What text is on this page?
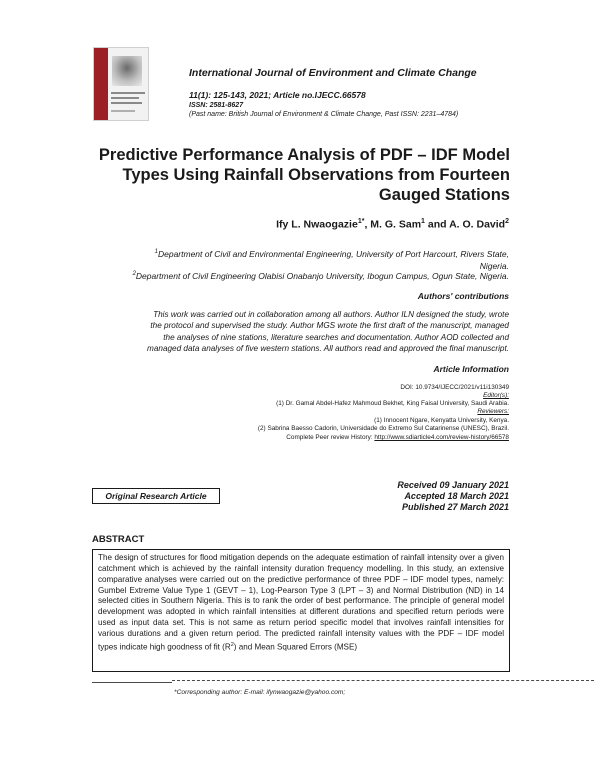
International Journal of Environment and Climate Change
11(1): 125-143, 2021; Article no.IJECC.66578
ISSN: 2581-8627
(Past name: British Journal of Environment & Climate Change, Past ISSN: 2231–4784)
Predictive Performance Analysis of PDF – IDF Model
Types Using Rainfall Observations from Fourteen
Gauged Stations
Ify L. Nwaogazie$^{1*}$, M. G. Sam$^1$ and A. O. David$^2$
$^1$Department of Civil and Environmental Engineering, University of Port Harcourt, Rivers State,
Nigeria.
$^2$Department of Civil Engineering Olabisi Onabanjo University, Ibogun Campus, Ogun State, Nigeria.
Authors' contributions
This work was carried out in collaboration among all authors. Author ILN designed the study, wrote
the protocol and supervised the study. Author MGS wrote the first draft of the manuscript, managed
the analyses of nine stations, literature searches and documentation. Author AOD collected and
managed data analyses of five western stations. All authors read and approved the final manuscript.
Article Information
DOI: 10.9734/IJECC/2021/v11i130349
Editor(s):
(1) Dr. Gamal Abdel-Hafez Mahmoud Bekhet, King Faisal University, Saudi Arabia.
Reviewers:
(1) Innocent Ngare, Kenyatta University, Kenya.
(2) Sabrina Baesso Cadorin, Universidade do Extremo Sul Catarinense (UNESC), Brazil.
Complete Peer review History: http://www.sdiarticle4.com/review-history/66578
Original Research Article
Received 09 January 2021
Accepted 18 March 2021
Published 27 March 2021
ABSTRACT

The design of structures for flood mitigation depends on the adequate estimation of rainfall intensity over a given catchment which is achieved by the rainfall intensity duration frequency modelling. In this study, an extensive comparative analyses were carried out on the predictive performance of three PDF – IDF model types, namely: Gumbel Extreme Value Type 1 (GEVT – 1), Log-Pearson Type 3 (LPT – 3) and Normal Distribution (ND) in 14 selected cities in Southern Nigeria. This is to rank the order of best performance. The principle of general model development was adopted in which rainfall intensities at different durations and specified return periods were used as input data set. This is not same as return period specific model that involves rainfall intensities for various durations and a given return period. The predicted rainfall intensity values with the PDF – IDF model types indicate high goodness of fit $(R^2)$ and Mean Squared Errors (MSE)

*Corresponding author: E-mail: ifynwaogazie@yahoo.com;
